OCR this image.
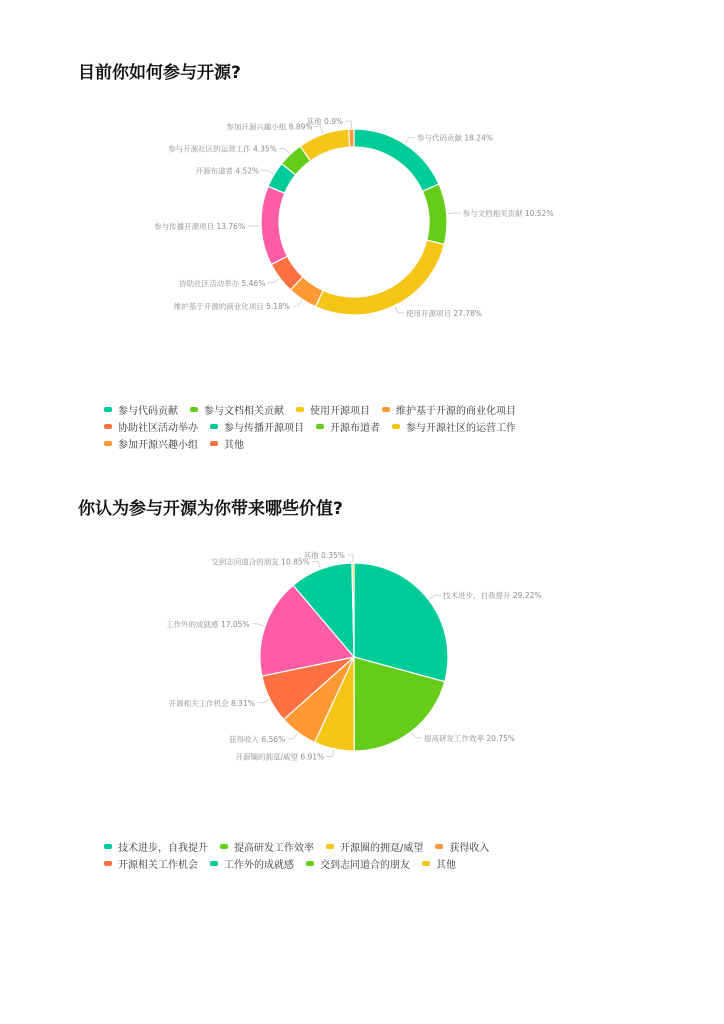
目前你如何参与开源?
参与代码贡献 18.24%
参与文档相关贡献 10.52%
使用开源项目 27.78%
维护基于开源的商业化项目 5.18%
协助社区活动举办 5.46%
参与传播开源项目 13.76%
开源布道者 4.52%
参与开源社区的运营工作 4.35%
参加开源兴趣小组 8.89%
其他 0.9%
参与代码贡献	参与文档相关贡献	使用开源项目	维护基于开源的商业化项目
协助社区活动举办	参与传播开源项目	开源布道者	参与开源社区的运营工作
参加开源兴趣小组	其他
你认为参与开源为你带来哪些价值?
技术进步，自我提升 29.22%
提高研发工作效率 20.75%
开源圈的拥趸/威望 6.91%
获得收入 6.56%
开源相关工作机会 8.31%
工作外的成就感 17.05%
交到志同道合的朋友 10.85%
其他 0.35%
技术进步，自我提升	提高研发工作效率	开源圈的拥趸/威望	获得收入
开源相关工作机会	工作外的成就感	交到志同道合的朋友	其他
